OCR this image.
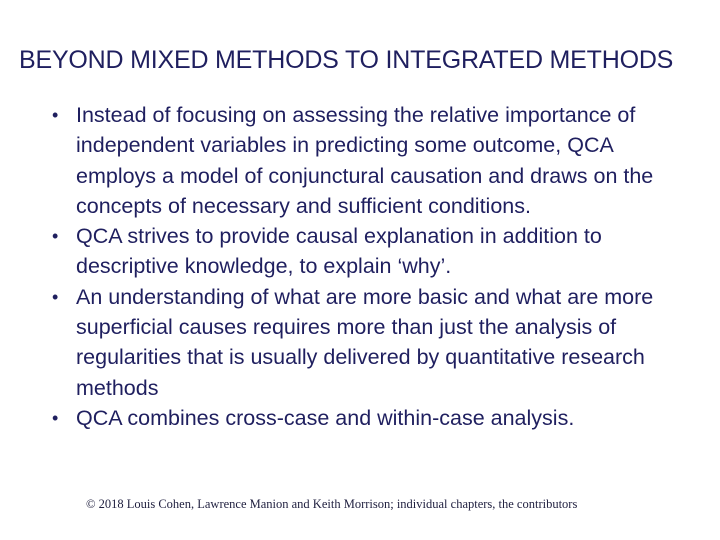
BEYOND MIXED METHODS TO INTEGRATED METHODS
• Instead of focusing on assessing the relative importance of independent variables in predicting some outcome, QCA employs a model of conjunctural causation and draws on the concepts of necessary and sufficient conditions.
• QCA strives to provide causal explanation in addition to descriptive knowledge, to explain ‘why’.
• An understanding of what are more basic and what are more superficial causes requires more than just the analysis of regularities that is usually delivered by quantitative research methods
• QCA combines cross-case and within-case analysis.
© 2018 Louis Cohen, Lawrence Manion and Keith Morrison; individual chapters, the contributors
